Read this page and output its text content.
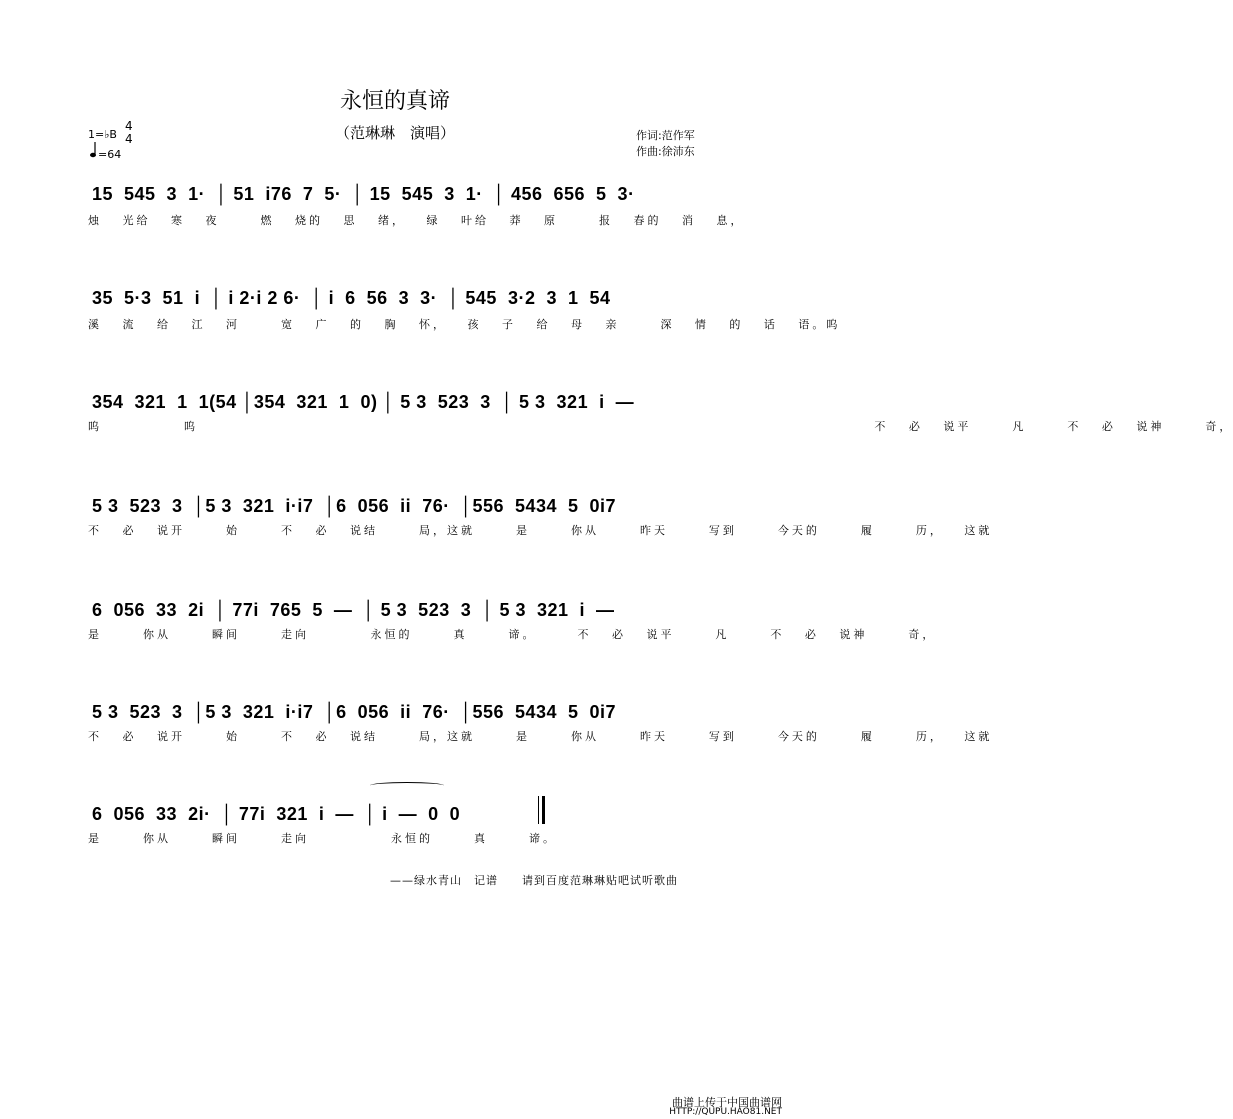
永恒的真谛
（范琳琳　演唱）	作词:范作军
作曲:徐沛东
1=♭B
4
4
=64
15  545  3  1·  │ 51  i76  7  5·  │ 15  545  3  1·  │ 456  656  5  3·
烛 光给 寒 夜  燃 烧的 思 绪， 绿 叶给 莽 原  报 春的 消 息，
35  5·3  51  i  │ i 2·i 2 6·  │ i  6  56  3  3·  │ 545  3·2  3  1  54
溪 流 给 江 河  宽 广 的 胸 怀， 孩 子 给 母 亲  深 情 的 话 语。呜
354  321  1  1(54 │354  321  1  0) │ 5 3  523  3  │ 5 3  321  i  —
呜    呜                                 不 必 说平  凡  不 必 说神  奇，
5 3  523  3  │5 3  321  i·i7  │6  056  ii  76·  │556  5434  5  0i7
不 必 说开  始  不 必 说结  局，这就  是  你从  昨天  写到  今天的  履  历， 这就
6  056  33  2i  │ 77i  765  5  —  │ 5 3  523  3  │ 5 3  321  i  —
是  你从  瞬间  走向   永恒的  真  谛。  不 必 说平  凡  不 必 说神  奇，
5 3  523  3  │5 3  321  i·i7  │6  056  ii  76·  │556  5434  5  0i7
不 必 说开  始  不 必 说结  局，这就  是  你从  昨天  写到  今天的  履  历， 这就
6  056  33  2i·  │ 77i  321  i  —  │ i  —  0  0
是  你从  瞬间  走向    永恒的  真  谛。
——绿水青山　记谱　　请到百度范琳琳贴吧试听歌曲
曲谱上传于中国曲谱网
HTTP://QUPU.HAO81.NET
